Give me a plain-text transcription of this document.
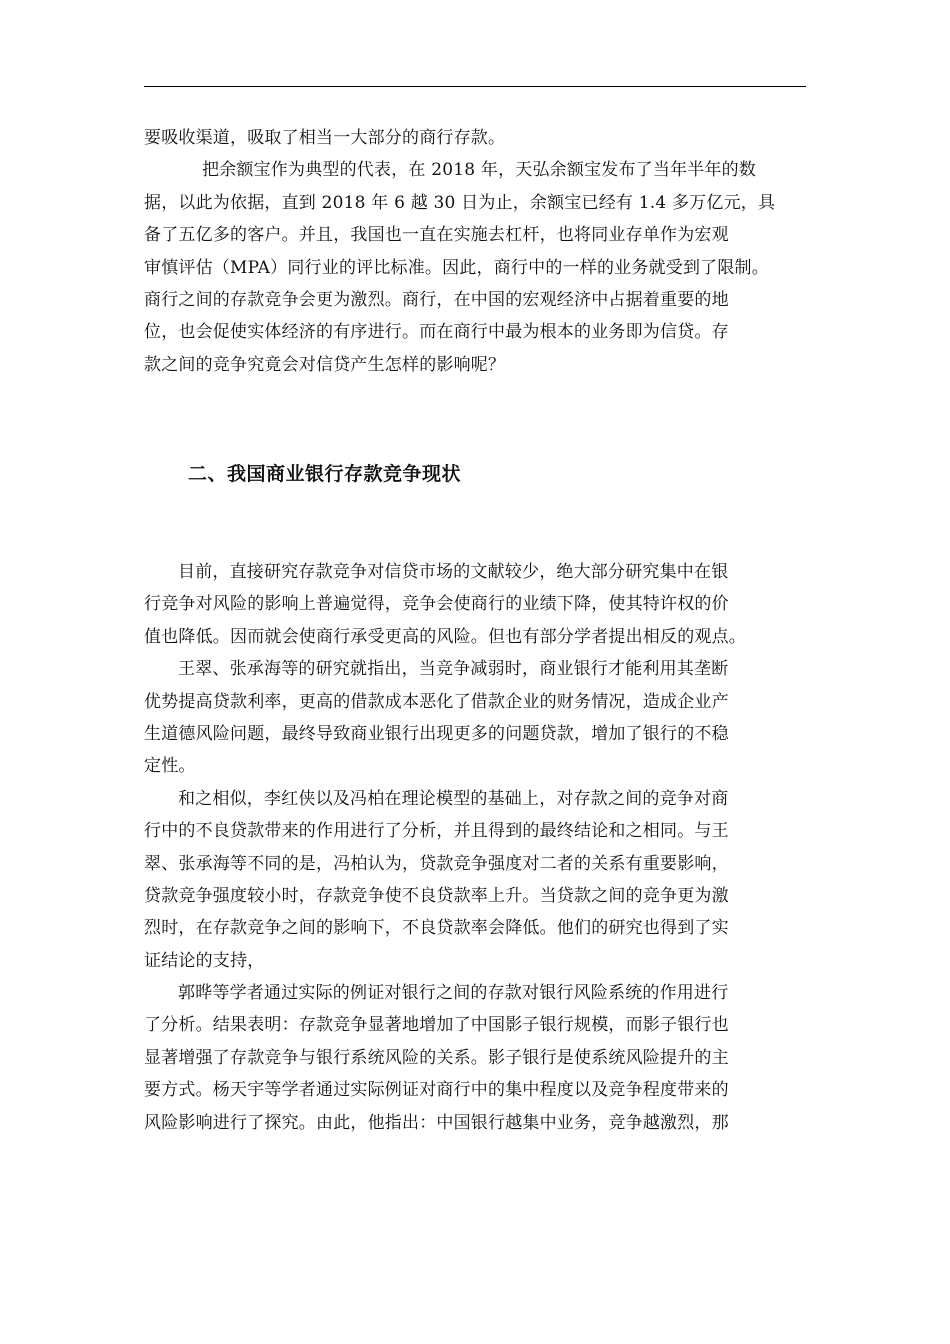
要吸收渠道，吸取了相当一大部分的商行存款。
把余额宝作为典型的代表，在 2018 年，天弘余额宝发布了当年半年的数
据，以此为依据，直到 2018 年 6 越 30 日为止，余额宝已经有 1.4 多万亿元，具
备了五亿多的客户。并且，我国也一直在实施去杠杆，也将同业存单作为宏观
审慎评估（MPA）同行业的评比标准。因此，商行中的一样的业务就受到了限制。
商行之间的存款竞争会更为激烈。商行，在中国的宏观经济中占据着重要的地
位，也会促使实体经济的有序进行。而在商行中最为根本的业务即为信贷。存
款之间的竞争究竟会对信贷产生怎样的影响呢？
二、我国商业银行存款竞争现状
目前，直接研究存款竞争对信贷市场的文献较少，绝大部分研究集中在银
行竞争对风险的影响上普遍觉得，竞争会使商行的业绩下降，使其特许权的价
值也降低。因而就会使商行承受更高的风险。但也有部分学者提出相反的观点。
王翠、张承海等的研究就指出，当竞争减弱时，商业银行才能利用其垄断
优势提高贷款利率，更高的借款成本恶化了借款企业的财务情况，造成企业产
生道德风险问题，最终导致商业银行出现更多的问题贷款，增加了银行的不稳
定性。
和之相似，李红侠以及冯柏在理论模型的基础上，对存款之间的竞争对商
行中的不良贷款带来的作用进行了分析，并且得到的最终结论和之相同。与王
翠、张承海等不同的是，冯柏认为，贷款竞争强度对二者的关系有重要影响，
贷款竞争强度较小时，存款竞争使不良贷款率上升。当贷款之间的竞争更为激
烈时，在存款竞争之间的影响下，不良贷款率会降低。他们的研究也得到了实
证结论的支持，
郭晔等学者通过实际的例证对银行之间的存款对银行风险系统的作用进行
了分析。结果表明：存款竞争显著地增加了中国影子银行规模，而影子银行也
显著增强了存款竞争与银行系统风险的关系。影子银行是使系统风险提升的主
要方式。杨天宇等学者通过实际例证对商行中的集中程度以及竞争程度带来的
风险影响进行了探究。由此，他指出：中国银行越集中业务，竞争越激烈，那
